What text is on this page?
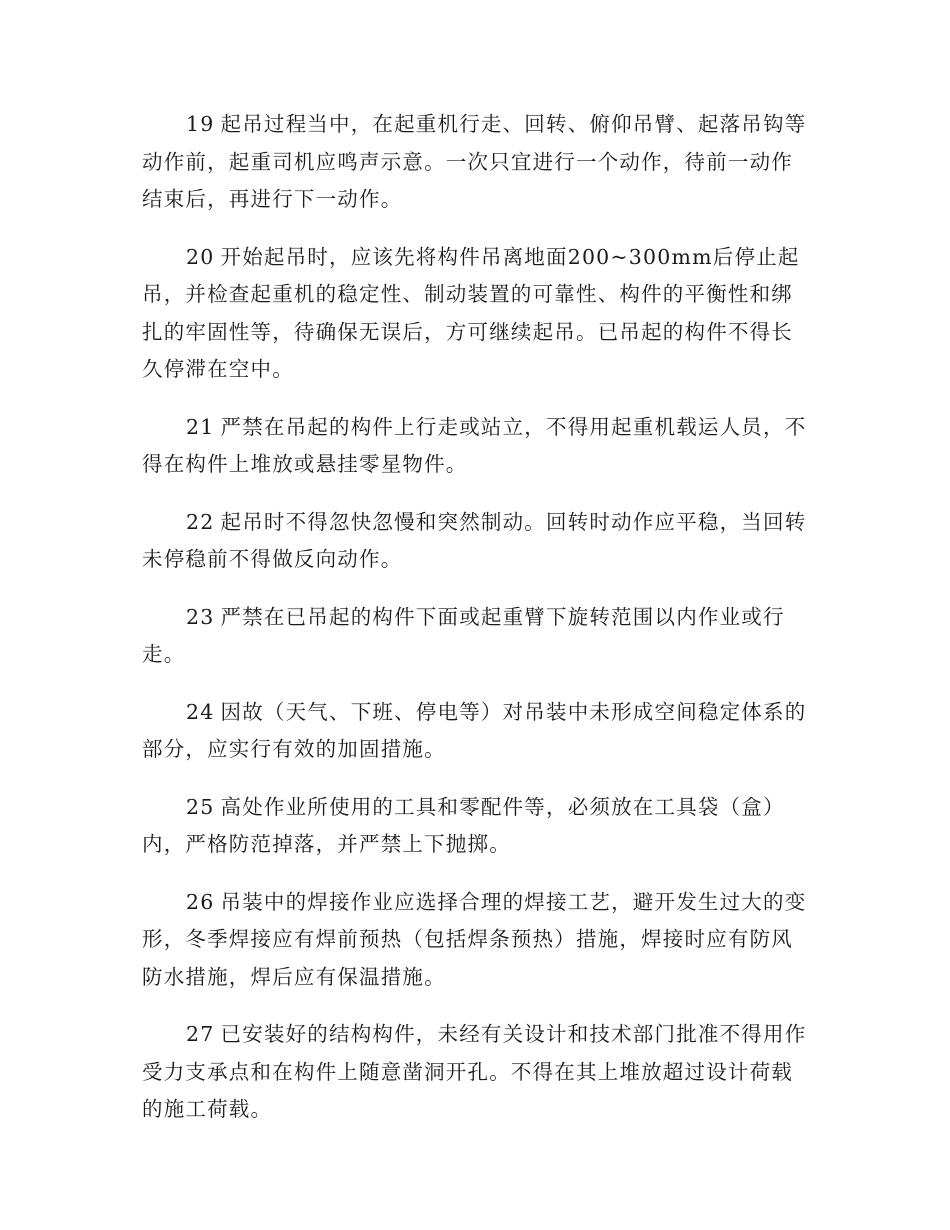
19 起吊过程当中，在起重机行走、回转、俯仰吊臂、起落吊钩等动作前，起重司机应鸣声示意。一次只宜进行一个动作，待前一动作结束后，再进行下一动作。

20 开始起吊时，应该先将构件吊离地面200~300mm后停止起吊，并检查起重机的稳定性、制动装置的可靠性、构件的平衡性和绑扎的牢固性等，待确保无误后，方可继续起吊。已吊起的构件不得长久停滞在空中。

21 严禁在吊起的构件上行走或站立，不得用起重机载运人员，不得在构件上堆放或悬挂零星物件。

22 起吊时不得忽快忽慢和突然制动。回转时动作应平稳，当回转未停稳前不得做反向动作。

23 严禁在已吊起的构件下面或起重臂下旋转范围以内作业或行走。

24 因故（天气、下班、停电等）对吊装中未形成空间稳定体系的部分，应实行有效的加固措施。

25 高处作业所使用的工具和零配件等，必须放在工具袋（盒）内，严格防范掉落，并严禁上下抛掷。

26 吊装中的焊接作业应选择合理的焊接工艺，避开发生过大的变形，冬季焊接应有焊前预热（包括焊条预热）措施，焊接时应有防风防水措施，焊后应有保温措施。

27 已安装好的结构构件，未经有关设计和技术部门批准不得用作受力支承点和在构件上随意凿洞开孔。不得在其上堆放超过设计荷载的施工荷载。
